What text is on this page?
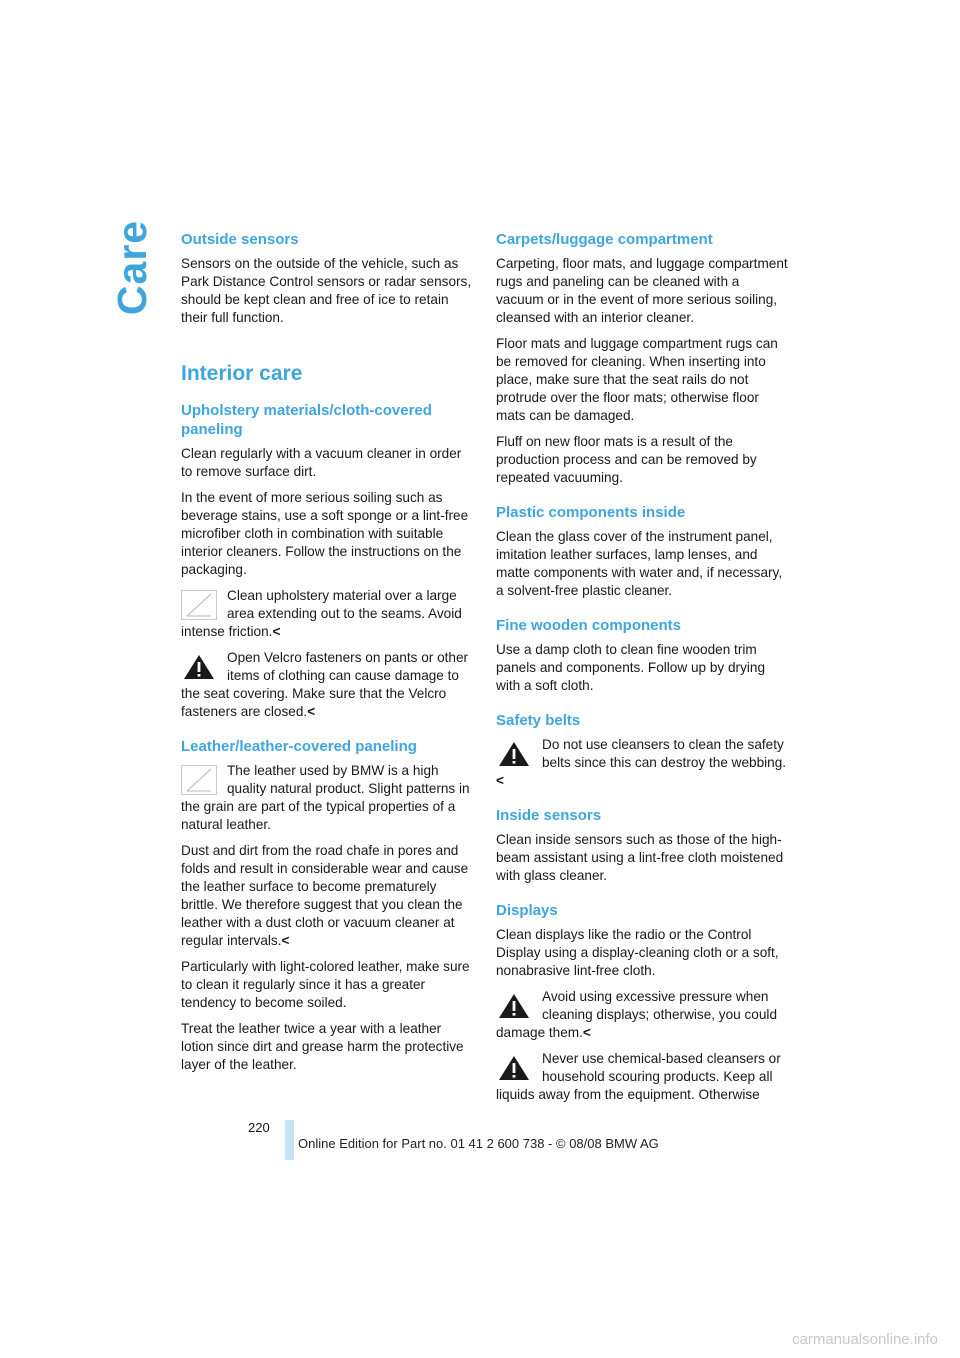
Care Outside sensors

Sensors on the outside of the vehicle, such as Park Distance Control sensors or radar sensors, should be kept clean and free of ice to retain their full function.

Interior care
Upholstery materials/cloth-covered paneling

Clean regularly with a vacuum cleaner in order to remove surface dirt.

In the event of more serious soiling such as beverage stains, use a soft sponge or a lint-free microfiber cloth in combination with suitable interior cleaners. Follow the instructions on the packaging.

Clean upholstery material over a large area extending out to the seams. Avoid intense friction.<
Open Velcro fasteners on pants or other items of clothing can cause damage to the seat covering. Make sure that the Velcro fasteners are closed.<
Leather/leather-covered paneling
The leather used by BMW is a high quality natural product. Slight patterns in the grain are part of the typical properties of a natural leather.

Dust and dirt from the road chafe in pores and folds and result in considerable wear and cause the leather surface to become prematurely brittle. We therefore suggest that you clean the leather with a dust cloth or vacuum cleaner at regular intervals.<

Particularly with light-colored leather, make sure to clean it regularly since it has a greater tendency to become soiled.

Treat the leather twice a year with a leather lotion since dirt and grease harm the protective layer of the leather.

Carpets/luggage compartment

Carpeting, floor mats, and luggage compartment rugs and paneling can be cleaned with a vacuum or in the event of more serious soiling, cleansed with an interior cleaner.

Floor mats and luggage compartment rugs can be removed for cleaning. When inserting into place, make sure that the seat rails do not protrude over the floor mats; otherwise floor mats can be damaged.

Fluff on new floor mats is a result of the production process and can be removed by repeated vacuuming.

Plastic components inside

Clean the glass cover of the instrument panel, imitation leather surfaces, lamp lenses, and matte components with water and, if necessary, a solvent-free plastic cleaner.

Fine wooden components

Use a damp cloth to clean fine wooden trim panels and components. Follow up by drying with a soft cloth.

Safety belts
Do not use cleansers to clean the safety belts since this can destroy the webbing.<
Inside sensors

Clean inside sensors such as those of the high-beam assistant using a lint-free cloth moistened with glass cleaner.

Displays

Clean displays like the radio or the Control Display using a display-cleaning cloth or a soft, nonabrasive lint-free cloth.

Avoid using excessive pressure when cleaning displays; otherwise, you could damage them.<
Never use chemical-based cleansers or household scouring products. Keep all liquids away from the equipment. Otherwise
220
Online Edition for Part no. 01 41 2 600 738 - © 08/08 BMW AG
carmanualsonline.info
